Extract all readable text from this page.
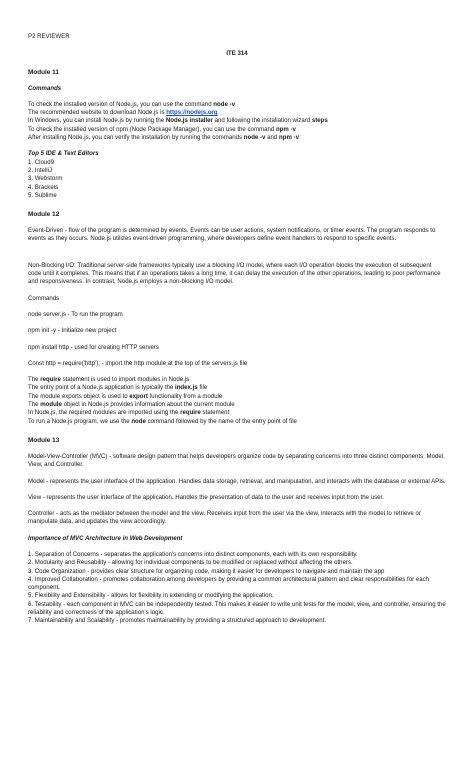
P2 REVIEWER
ITE 314
Module 11
Commands
To check the installed version of Node.js, you can use the command node -v
The recommended website to download Node.js is https://nodejs.org
In Windows, you can install Node.js by running the Node.js installer and following the installation wizard steps
To check the installed version of npm (Node Package Manager), you can use the command npm -v
After installing Node.js, you can verify the installation by running the commands node -v and npm -v
Top 5 IDE & Text Editors
1. Cloud9
2. IntelliJ
3. Webstorm
4. Brackets
5. Sublime
Module 12
Event-Driven - flow of the program is determined by events. Events can be user actions, system notifications, or timer events. The program responds to events as they occurs. Node.js utilizes event-driven programming, where developers define event handlers to respond to specific events.
Non-Blocking I/O: Traditional server-side frameworks typically use a blocking I/O model, where each I/O operation blocks the execution of subsequent code until it completes. This means that if an operations takes a long time, it can delay the execution of the other operations, leading to poor performance and responsiveness. In contrast, Node.js employs a non-blocking I/O model.
Commands
node server.js - To run the program
npm init -y - Initialize new project
npm install http - used for creating HTTP servers
Const http = require('http'); - import the http module at the top of the servers.js file
The require statement is used to import modules in Node.js
The entry point of a Node.js application is typically the index.js file
The module exports object is used to export functionality from a module
The module object in Node.js provides information about the current module
In Node.js, the required modules are imported using the require statement
To run a Node.js program, we use the node command followed by the name of the entry point of file
Module 13
Model-View-Controller (MVC) - software design pattern that helps developers organize code by separating concerns into three distinct components: Model, View, and Controller.
Model - represents the user interface of the application. Handles data storage, retrieval, and manipulation, and interacts with the database or external APIs.
View - represents the user interface of the application. Handles the presentation of data to the user and receives input from the user.
Controller - acts as the mediator between the model and the view. Receives input from the user via the view, interacts with the model to retrieve or manipulate data, and updates the view accordingly.
Importance of MVC Architecture in Web Development
1. Separation of Concerns - separates the application's concerns into distinct components, each with its own responsibility.
2. Modularity and Reusability - allowing for individual components to be modified or replaced without affecting the others.
3. Code Organization - provides clear structure for organizing code, making it easier for developers to navigate and maintain the app
4. Improved Collaboration - promotes collaboration among developers by providing a common architectural pattern and clear responsibilities for each component.
5. Flexibility and Extensibility - allows for flexibility in extending or modifying the application.
6. Testability - each component in MVC can be independently tested. This makes it easier to write unit tests for the model, view, and controller, ensuring the reliability and correctness of the application's logic.
7. Maintainability and Scalability - promotes maintainability by providing a structured approach to development.
